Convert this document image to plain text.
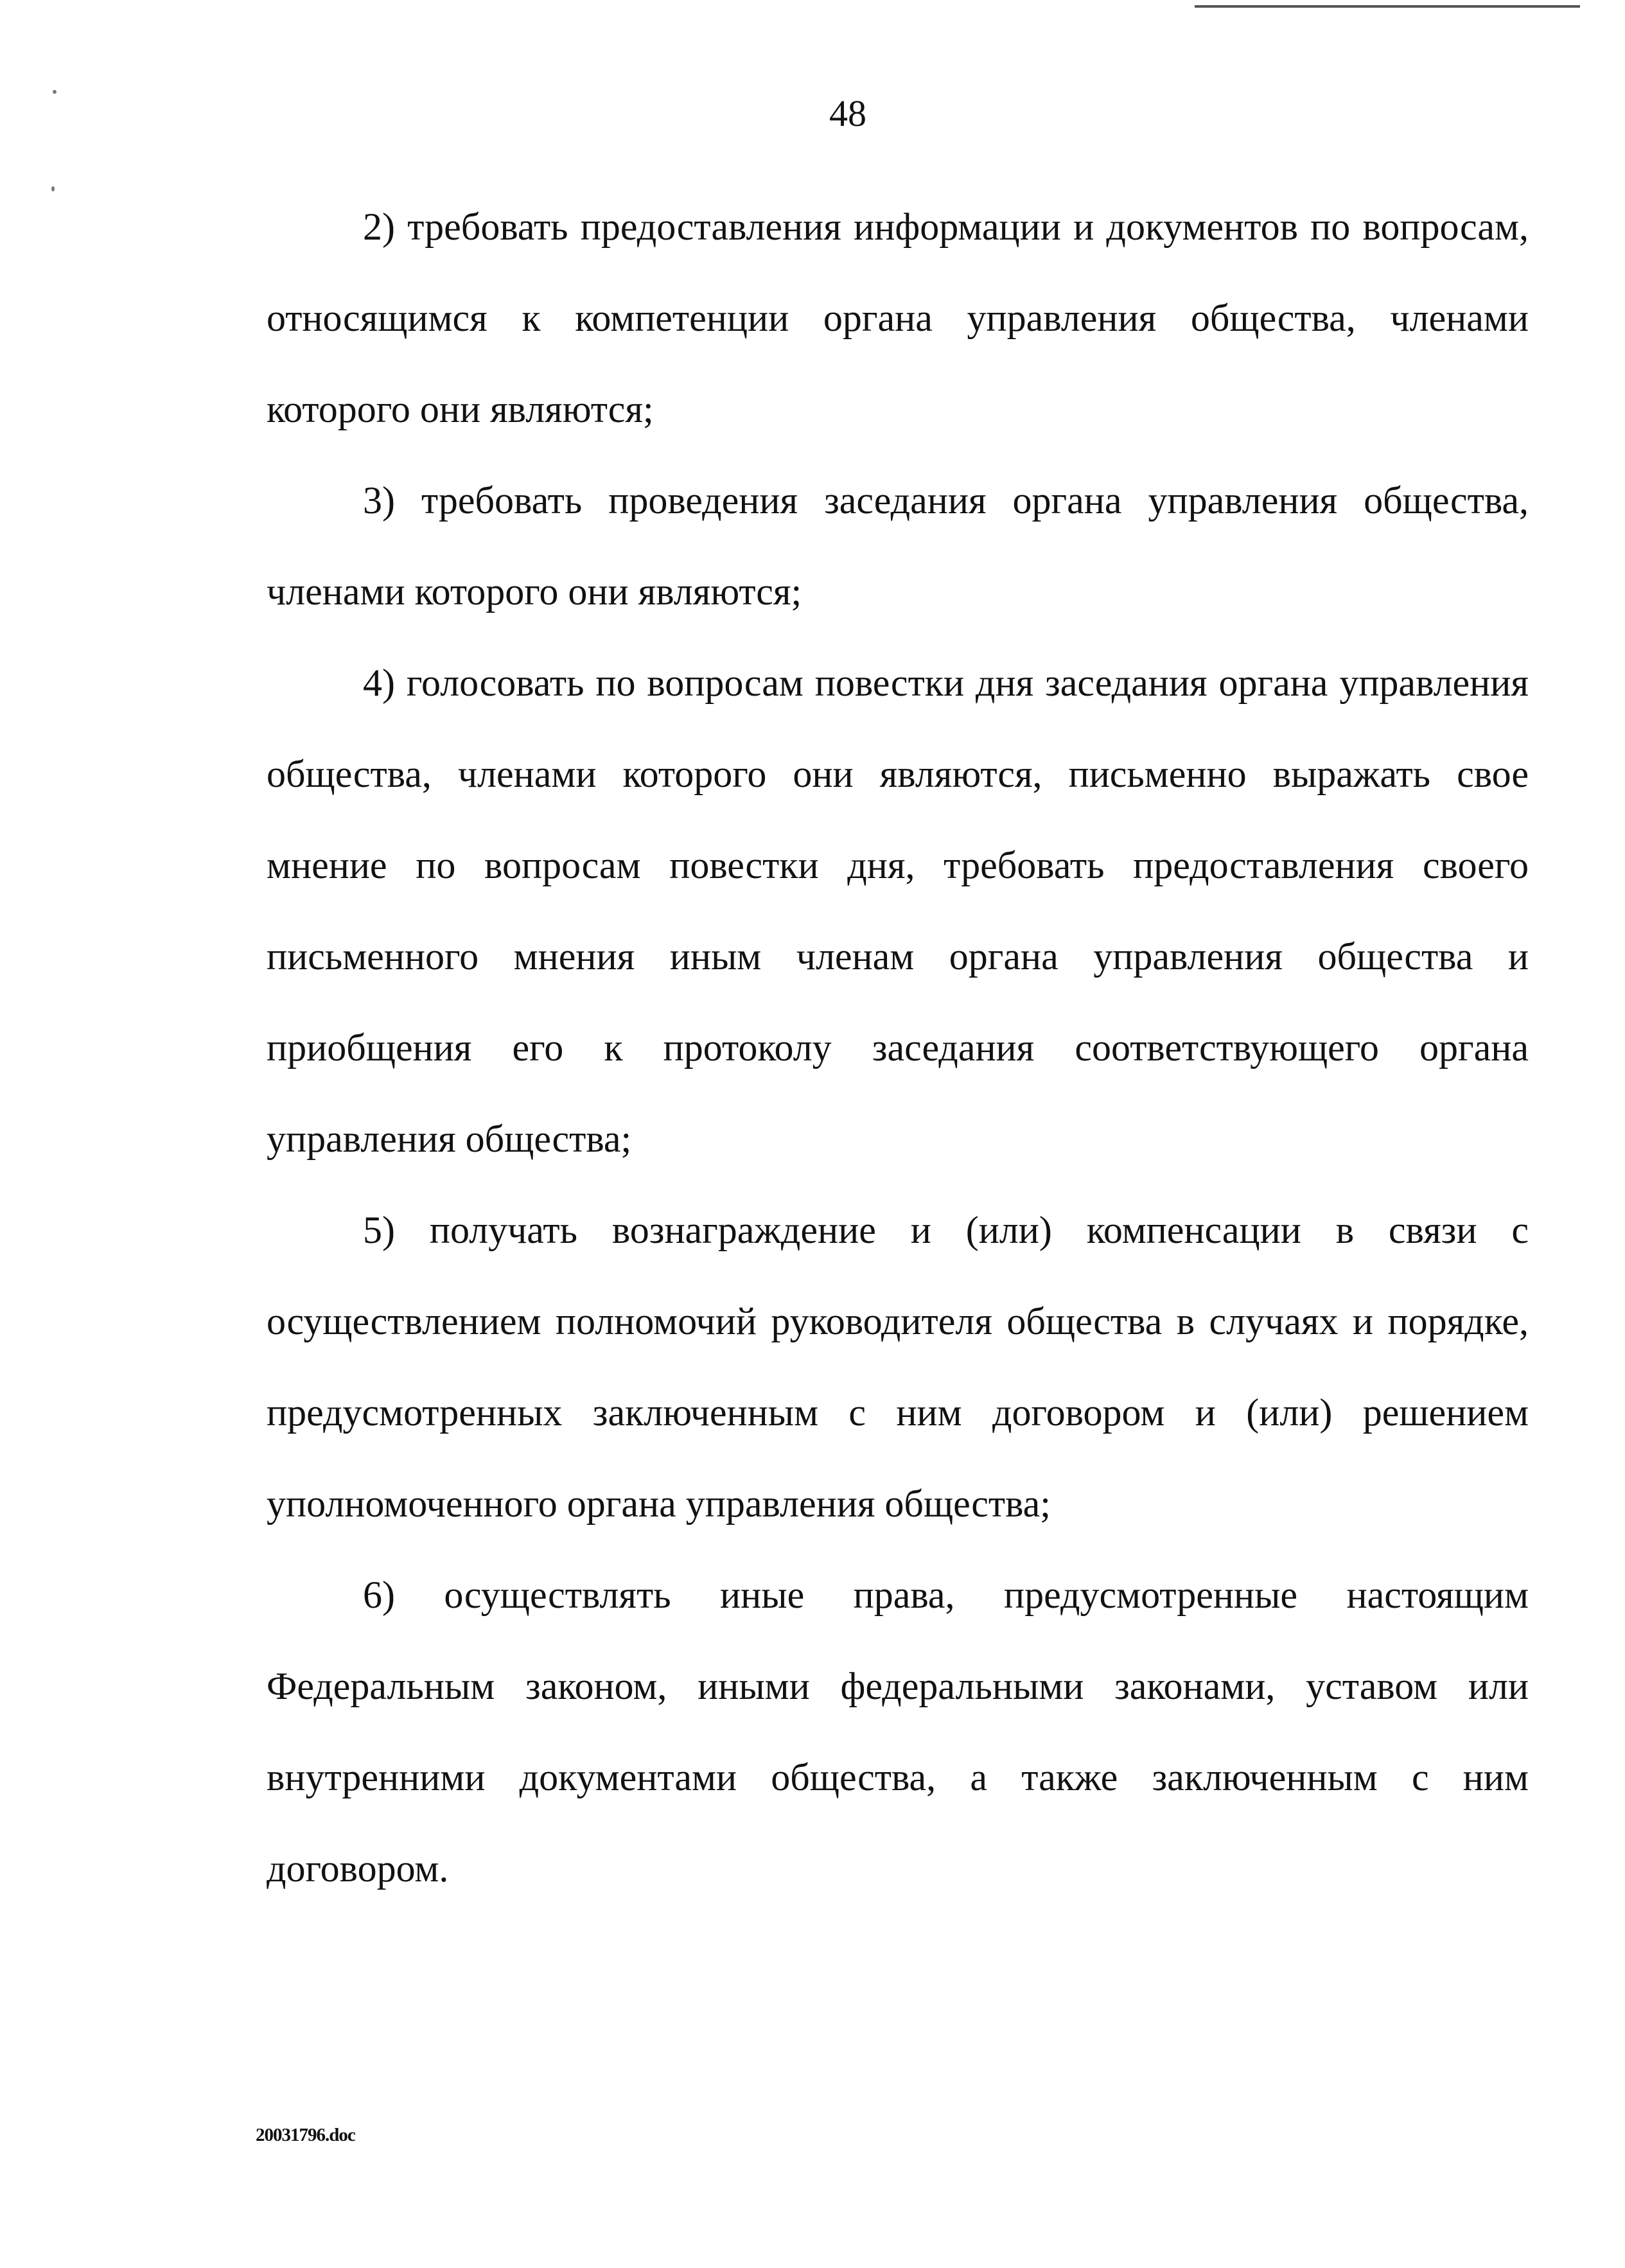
48

2) требовать предоставления информации и документов по вопросам, относящимся к компетенции органа управления общества, членами которого они являются;

3) требовать проведения заседания органа управления общества, членами которого они являются;

4) голосовать по вопросам повестки дня заседания органа управления общества, членами которого они являются, письменно выражать свое мнение по вопросам повестки дня, требовать предоставления своего письменного мнения иным членам органа управления общества и приобщения его к протоколу заседания соответствующего органа управления общества;

5) получать вознаграждение и (или) компенсации в связи с осуществлением полномочий руководителя общества в случаях и порядке, предусмотренных заключенным с ним договором и (или) решением уполномоченного органа управления общества;

6) осуществлять иные права, предусмотренные настоящим Федеральным законом, иными федеральными законами, уставом или внутренними документами общества, а также заключенным с ним договором.

20031796.doc
